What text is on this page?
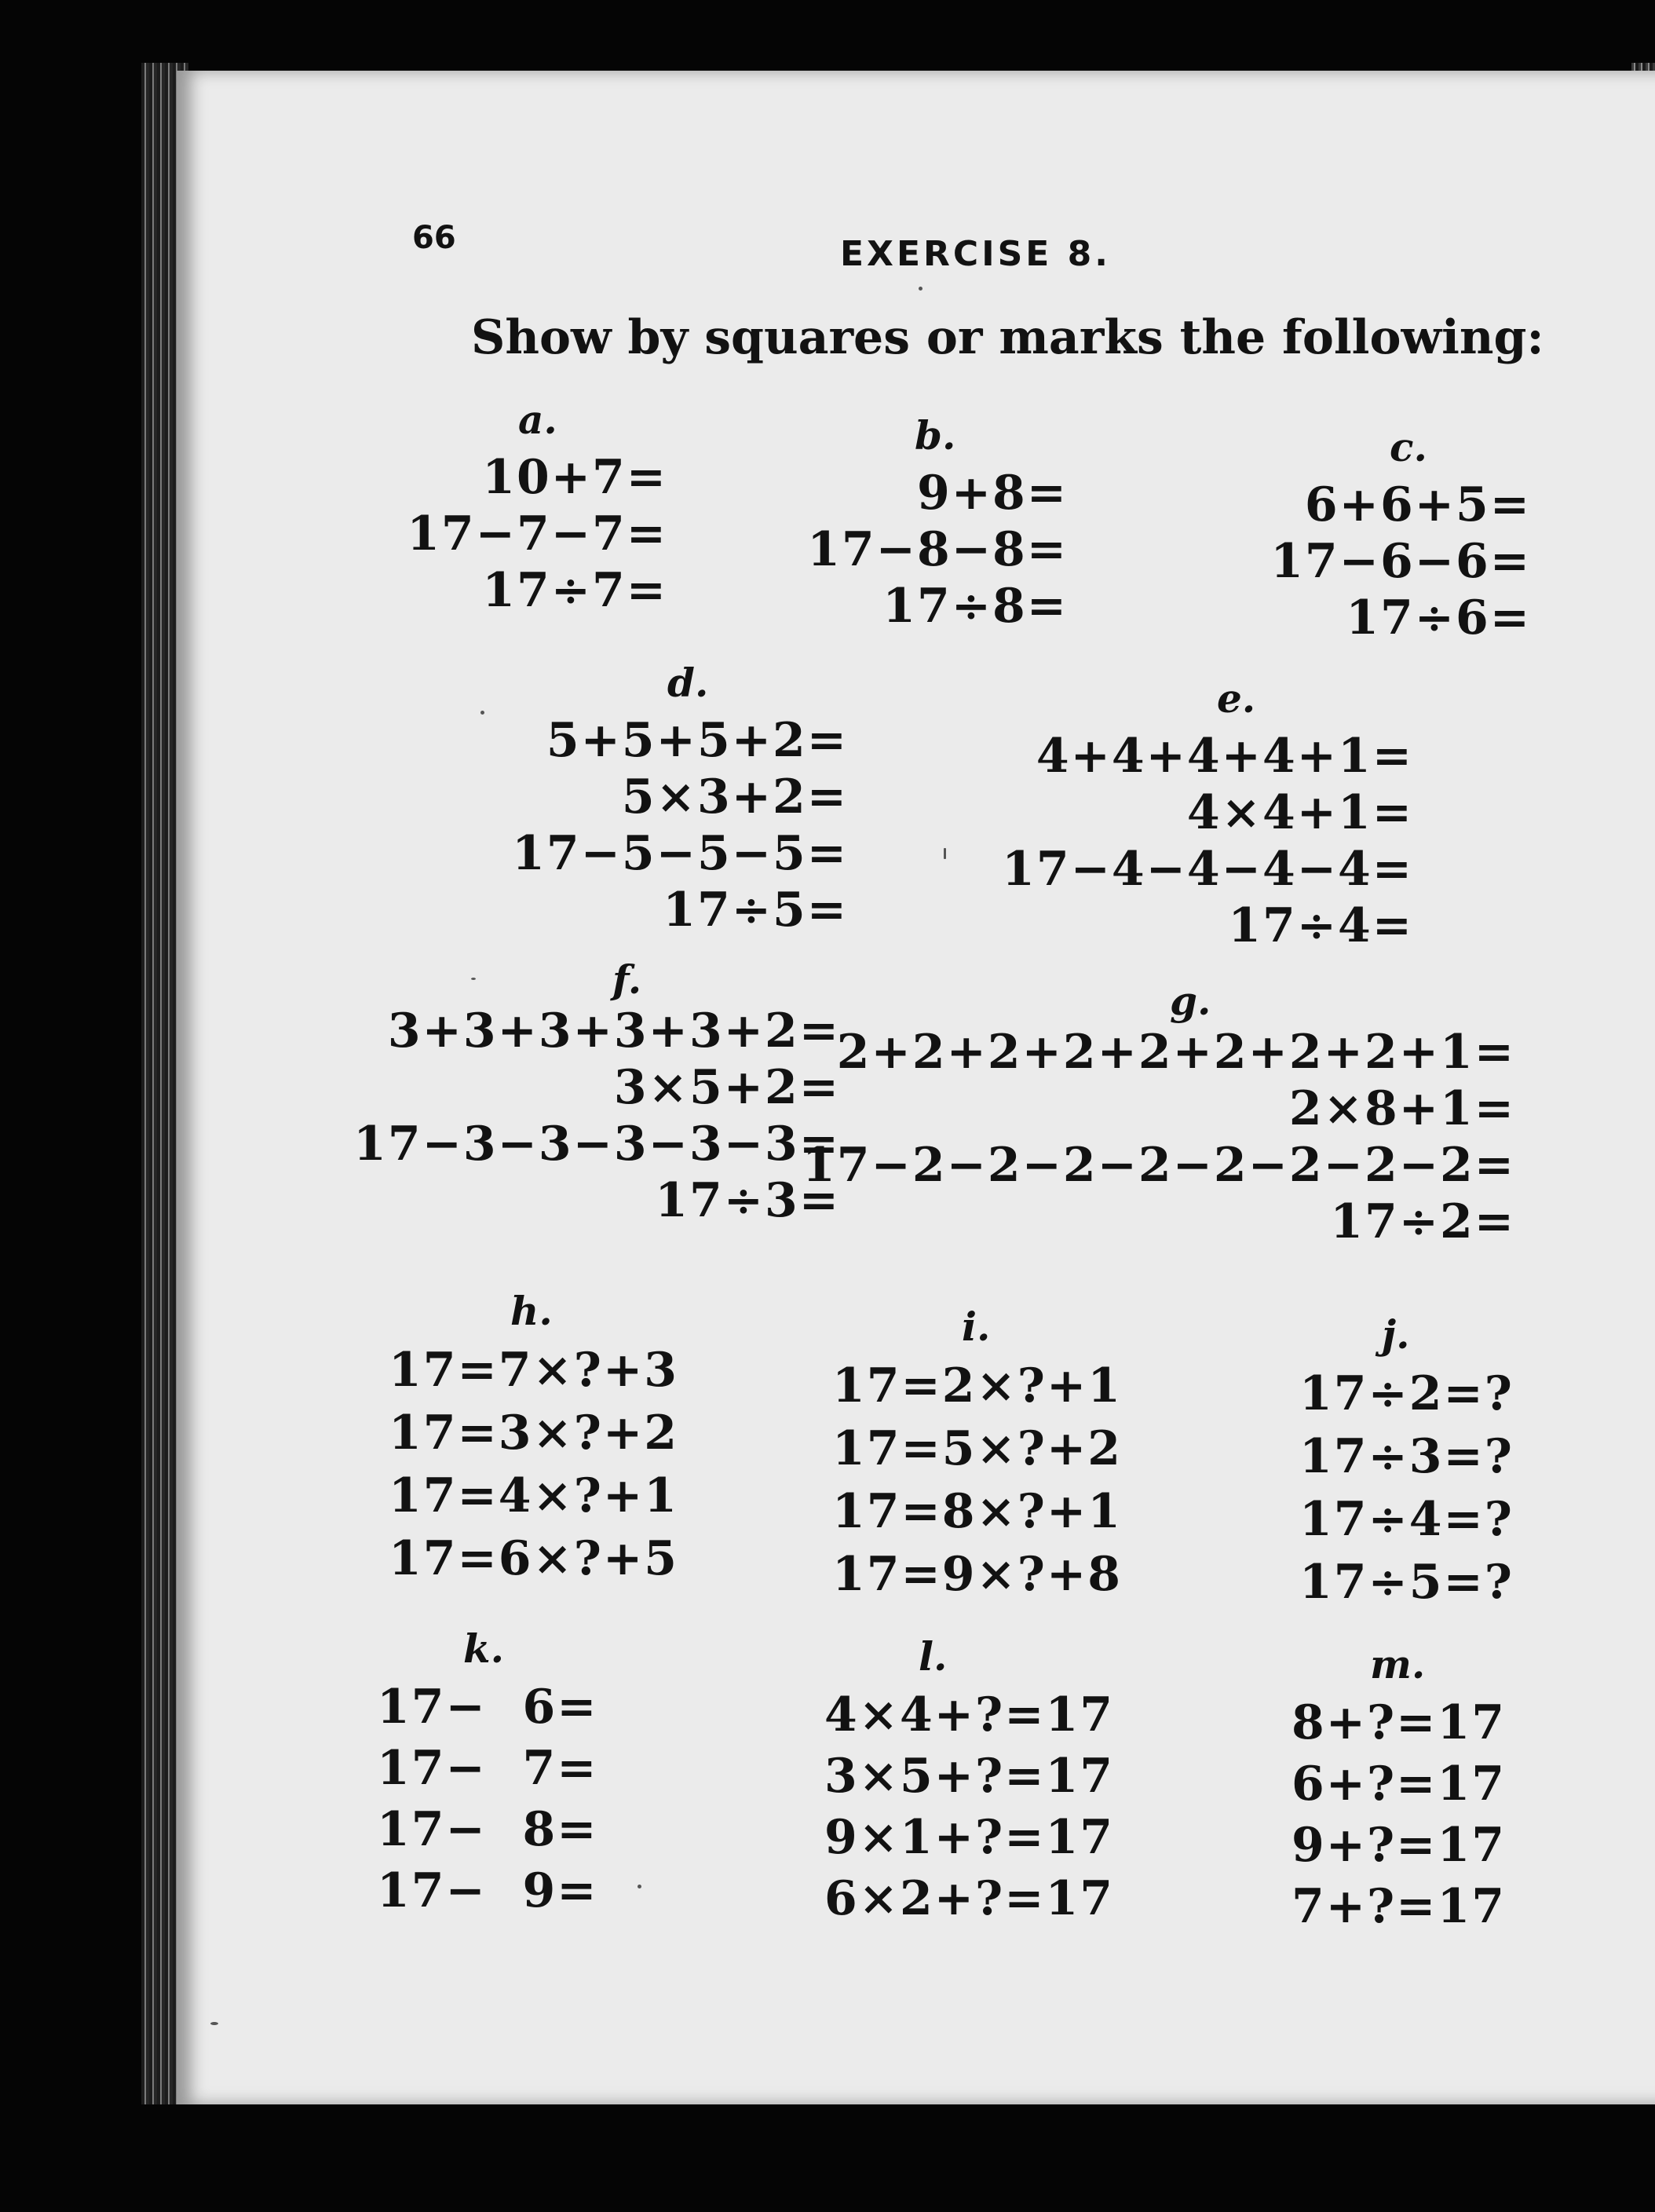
66	EXERCISE 8.
Show by squares or marks the following:
a.
10+7=
17−7−7=
17÷7=
b.
9+8=
17−8−8=
17÷8=
c.
6+6+5=
17−6−6=
17÷6=
d.
5+5+5+2=
5×3+2=
17−5−5−5=
17÷5=
e.
4+4+4+4+1=
4×4+1=
17−4−4−4−4=
17÷4=
f.
3+3+3+3+3+2=
3×5+2=
17−3−3−3−3−3=
17÷3=
g.
2+2+2+2+2+2+2+2+1=
2×8+1=
17−2−2−2−2−2−2−2−2=
17÷2=
h.
17=7×?+3
17=3×?+2
17=4×?+1
17=6×?+5
i.
17=2×?+1
17=5×?+2
17=8×?+1
17=9×?+8
j.
17÷2=?
17÷3=?
17÷4=?
17÷5=?
k.
17−  6=
17−  7=
17−  8=
17−  9=
l.
4×4+?=17
3×5+?=17
9×1+?=17
6×2+?=17
m.
8+?=17
6+?=17
9+?=17
7+?=17
